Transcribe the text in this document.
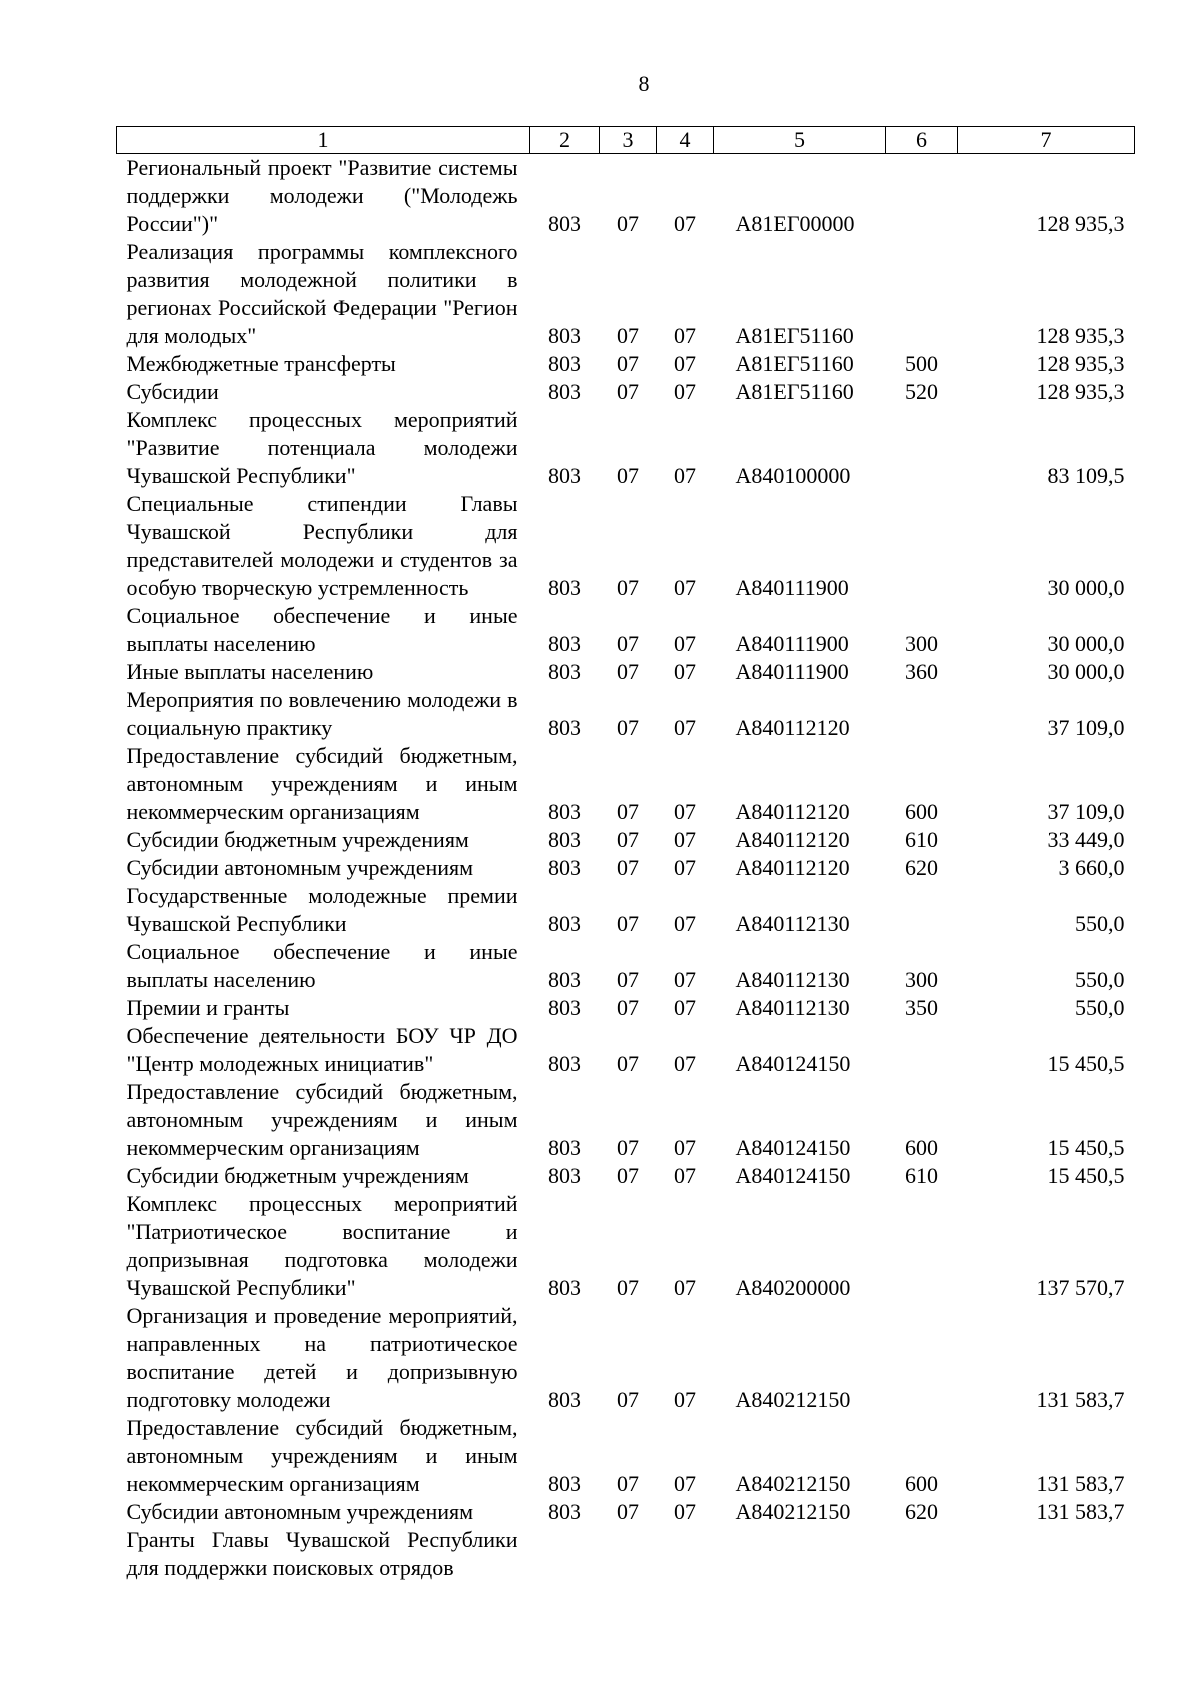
8
1	2	3	4	5	6	7
Региональный проект "Развитие системы поддержки молодежи ("Молодежь России")"	803	07	07	А81ЕГ00000		128 935,3
Реализация программы комплексного развития молодежной политики в регионах Российской Федерации "Регион для молодых"	803	07	07	А81ЕГ51160		128 935,3
Межбюджетные трансферты	803	07	07	А81ЕГ51160	500	128 935,3
Субсидии	803	07	07	А81ЕГ51160	520	128 935,3
Комплекс процессных мероприятий "Развитие потенциала молодежи Чувашской Республики"	803	07	07	А840100000		83 109,5
Специальные стипендии Главы Чувашской Республики для представителей молодежи и студентов за особую творческую устремленность	803	07	07	А840111900		30 000,0
Социальное обеспечение и иные выплаты населению	803	07	07	А840111900	300	30 000,0
Иные выплаты населению	803	07	07	А840111900	360	30 000,0
Мероприятия по вовлечению молодежи в социальную практику	803	07	07	А840112120		37 109,0
Предоставление субсидий бюджетным, автономным учреждениям и иным некоммерческим организациям	803	07	07	А840112120	600	37 109,0
Субсидии бюджетным учреждениям	803	07	07	А840112120	610	33 449,0
Субсидии автономным учреждениям	803	07	07	А840112120	620	3 660,0
Государственные молодежные премии Чувашской Республики	803	07	07	А840112130		550,0
Социальное обеспечение и иные выплаты населению	803	07	07	А840112130	300	550,0
Премии и гранты	803	07	07	А840112130	350	550,0
Обеспечение деятельности БОУ ЧР ДО "Центр молодежных инициатив"	803	07	07	А840124150		15 450,5
Предоставление субсидий бюджетным, автономным учреждениям и иным некоммерческим организациям	803	07	07	А840124150	600	15 450,5
Субсидии бюджетным учреждениям	803	07	07	А840124150	610	15 450,5
Комплекс процессных мероприятий "Патриотическое воспитание и допризывная подготовка молодежи Чувашской Республики"	803	07	07	А840200000		137 570,7
Организация и проведение мероприятий, направленных на патриотическое воспитание детей и допризывную подготовку молодежи	803	07	07	А840212150		131 583,7
Предоставление субсидий бюджетным, автономным учреждениям и иным некоммерческим организациям	803	07	07	А840212150	600	131 583,7
Субсидии автономным учреждениям	803	07	07	А840212150	620	131 583,7
Гранты Главы Чувашской Республики для поддержки поисковых отрядов						
